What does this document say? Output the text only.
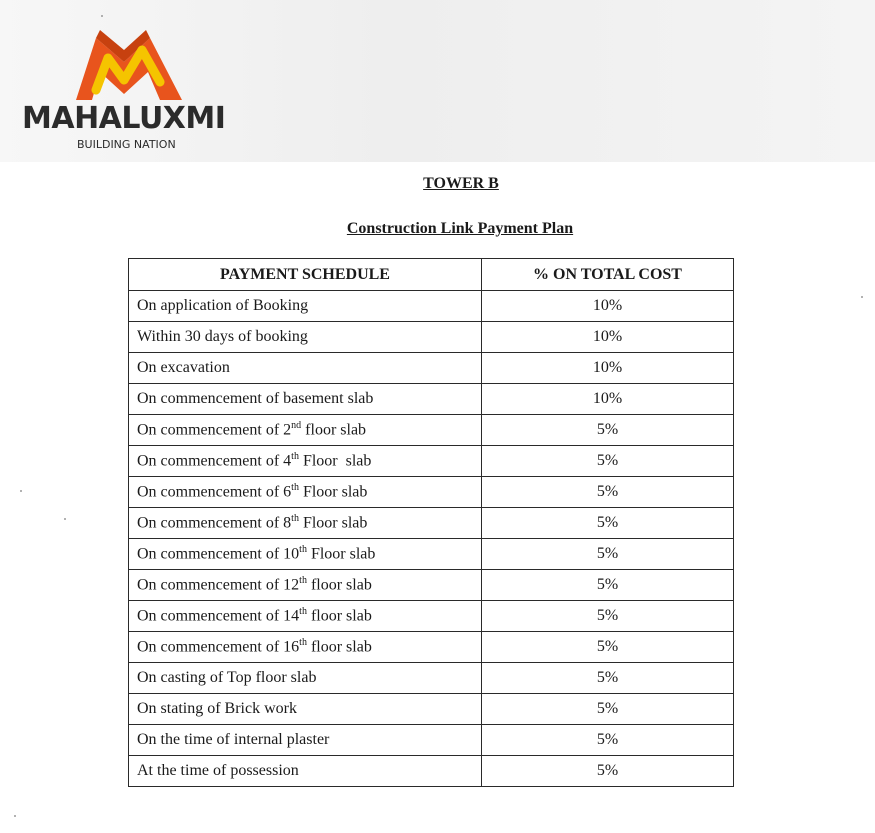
MAHALUXMI
BUILDING NATION
TOWER B
Construction Link Payment Plan
PAYMENT SCHEDULE	% ON TOTAL COST
On application of Booking	10%
Within 30 days of booking	10%
On excavation	10%
On commencement of basement slab	10%
On commencement of 2nd floor slab	5%
On commencement of 4th Floor  slab	5%
On commencement of 6th Floor slab	5%
On commencement of 8th Floor slab	5%
On commencement of 10th Floor slab	5%
On commencement of 12th floor slab	5%
On commencement of 14th floor slab	5%
On commencement of 16th floor slab	5%
On casting of Top floor slab	5%
On stating of Brick work	5%
On the time of internal plaster	5%
At the time of possession	5%
